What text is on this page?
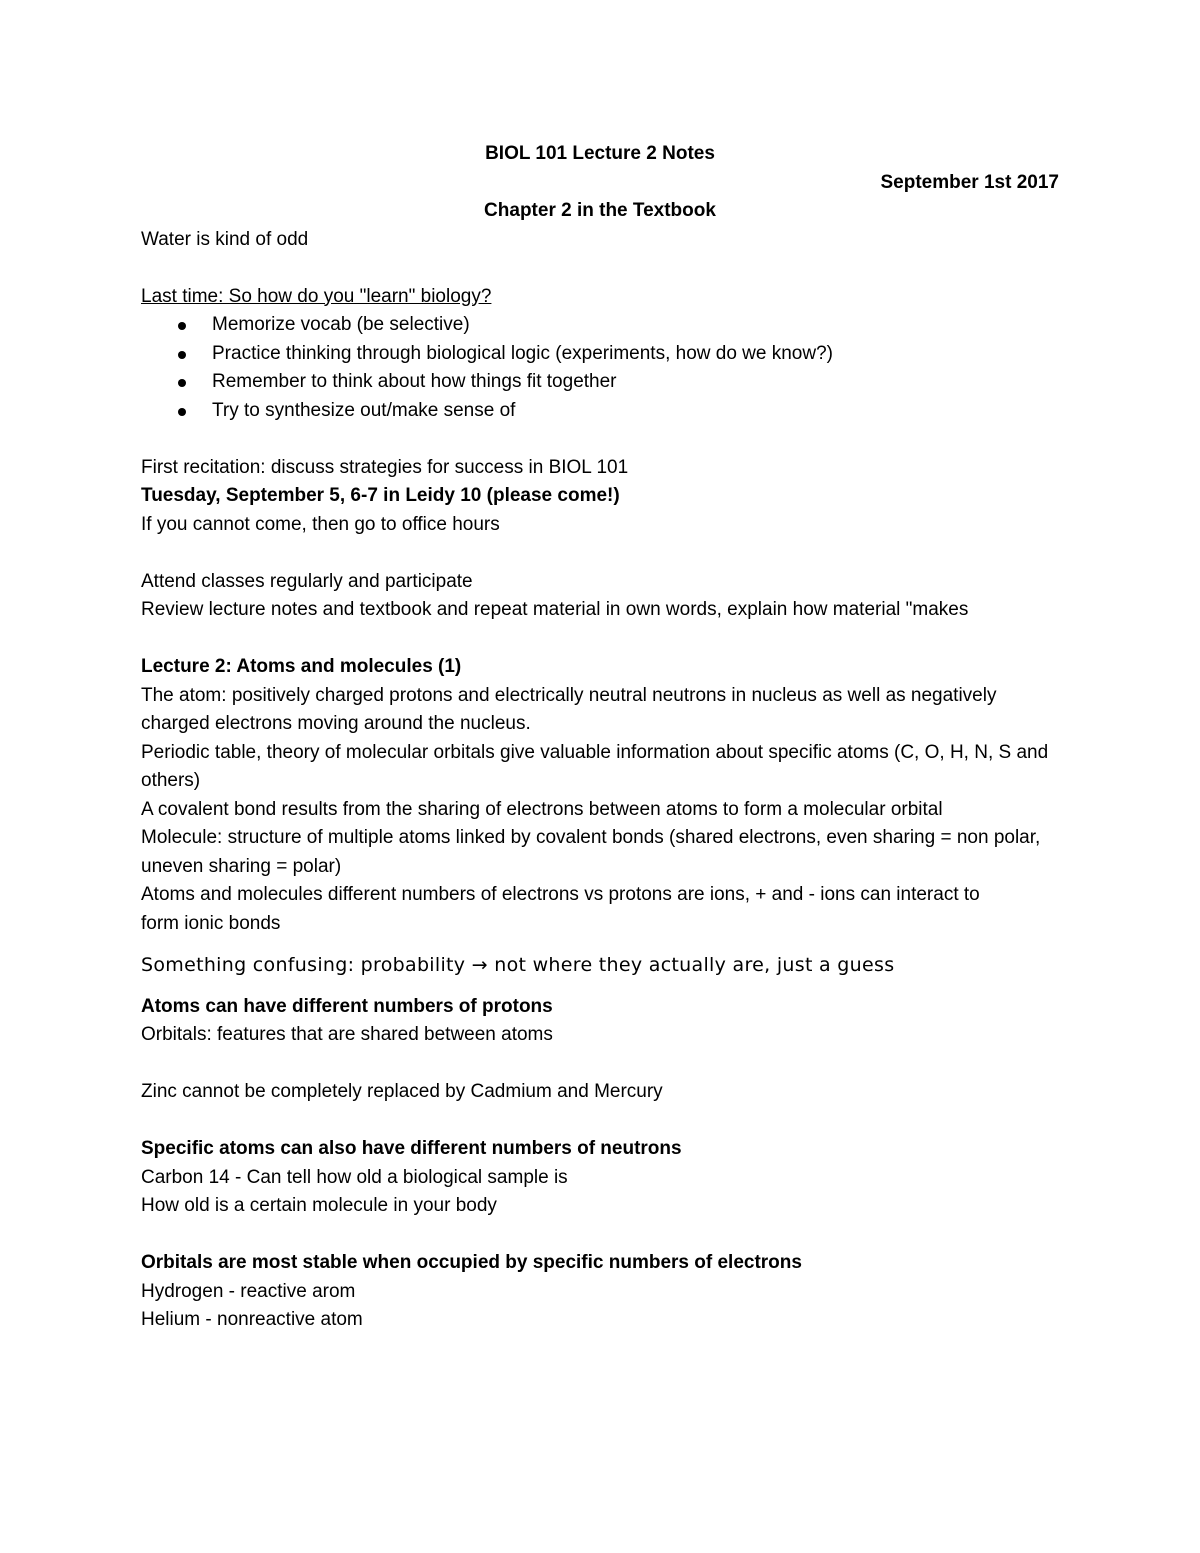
BIOL 101 Lecture 2 Notes
September 1st 2017
Chapter 2 in the Textbook
Water is kind of odd
Last time: So how do you "learn" biology?
Memorize vocab (be selective)
Practice thinking through biological logic (experiments, how do we know?)
Remember to think about how things fit together
Try to synthesize out/make sense of
First recitation: discuss strategies for success in BIOL 101
Tuesday, September 5, 6-7 in Leidy 10 (please come!)
If you cannot come, then go to office hours
Attend classes regularly and participate
Review lecture notes and textbook and repeat material in own words, explain how material "makes
Lecture 2: Atoms and molecules (1)
The atom: positively charged protons and electrically neutral neutrons in nucleus as well as negatively charged electrons moving around the nucleus.
Periodic table, theory of molecular orbitals give valuable information about specific atoms (C, O, H, N, S and others)
A covalent bond results from the sharing of electrons between atoms to form a molecular orbital
Molecule: structure of multiple atoms linked by covalent bonds (shared electrons, even sharing = non polar, uneven sharing = polar)
Atoms and molecules different numbers of electrons vs protons are ions, + and - ions can interact to form ionic bonds
Something confusing: probability → not where they actually are, just a guess
Atoms can have different numbers of protons
Orbitals: features that are shared between atoms
Zinc cannot be completely replaced by Cadmium and Mercury
Specific atoms can also have different numbers of neutrons
Carbon 14 - Can tell how old a biological sample is
How old is a certain molecule in your body
Orbitals are most stable when occupied by specific numbers of electrons
Hydrogen - reactive arom
Helium - nonreactive atom
